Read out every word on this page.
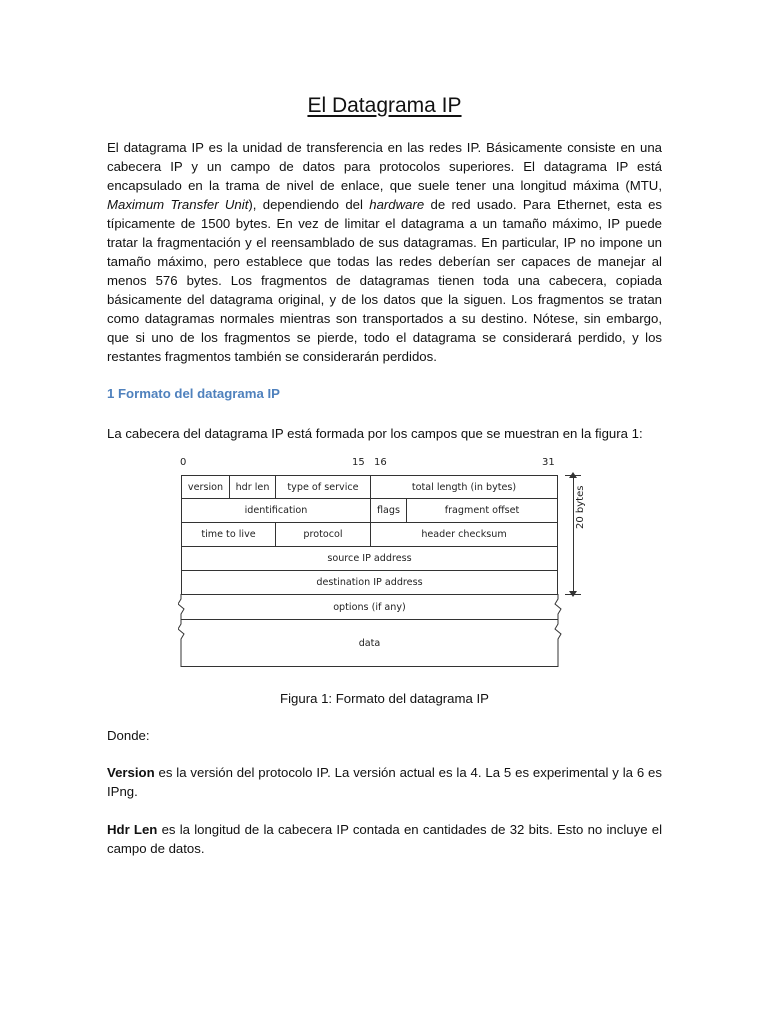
El Datagrama IP

El datagrama IP es la unidad de transferencia en las redes IP. Básicamente consiste en una cabecera IP y un campo de datos para protocolos superiores. El datagrama IP está encapsulado en la trama de nivel de enlace, que suele tener una longitud máxima (MTU, Maximum Transfer Unit), dependiendo del hardware de red usado. Para Ethernet, esta es típicamente de 1500 bytes. En vez de limitar el datagrama a un tamaño máximo, IP puede tratar la fragmentación y el reensamblado de sus datagramas. En particular, IP no impone un tamaño máximo, pero establece que todas las redes deberían ser capaces de manejar al menos 576 bytes. Los fragmentos de datagramas tienen toda una cabecera, copiada básicamente del datagrama original, y de los datos que la siguen. Los fragmentos se tratan como datagramas normales mientras son transportados a su destino. Nótese, sin embargo, que si uno de los fragmentos se pierde, todo el datagrama se considerará perdido, y los restantes fragmentos también se considerarán perdidos.

1 Formato del datagrama IP

La cabecera del datagrama IP está formada por los campos que se muestran en la figura 1:

Figura 1: Formato del datagrama IP

Donde:

Version es la versión del protocolo IP. La versión actual es la 4. La 5 es experimental y la 6 es IPng.

Hdr Len es la longitud de la cabecera IP contada en cantidades de 32 bits. Esto no incluye el campo de datos.

0	15 16	31
version	hdr len	type of service	total length (in bytes)
identification	flags	fragment offset
time to live	protocol	header checksum
source IP address
destination IP address
options (if any)
data
20 bytes
